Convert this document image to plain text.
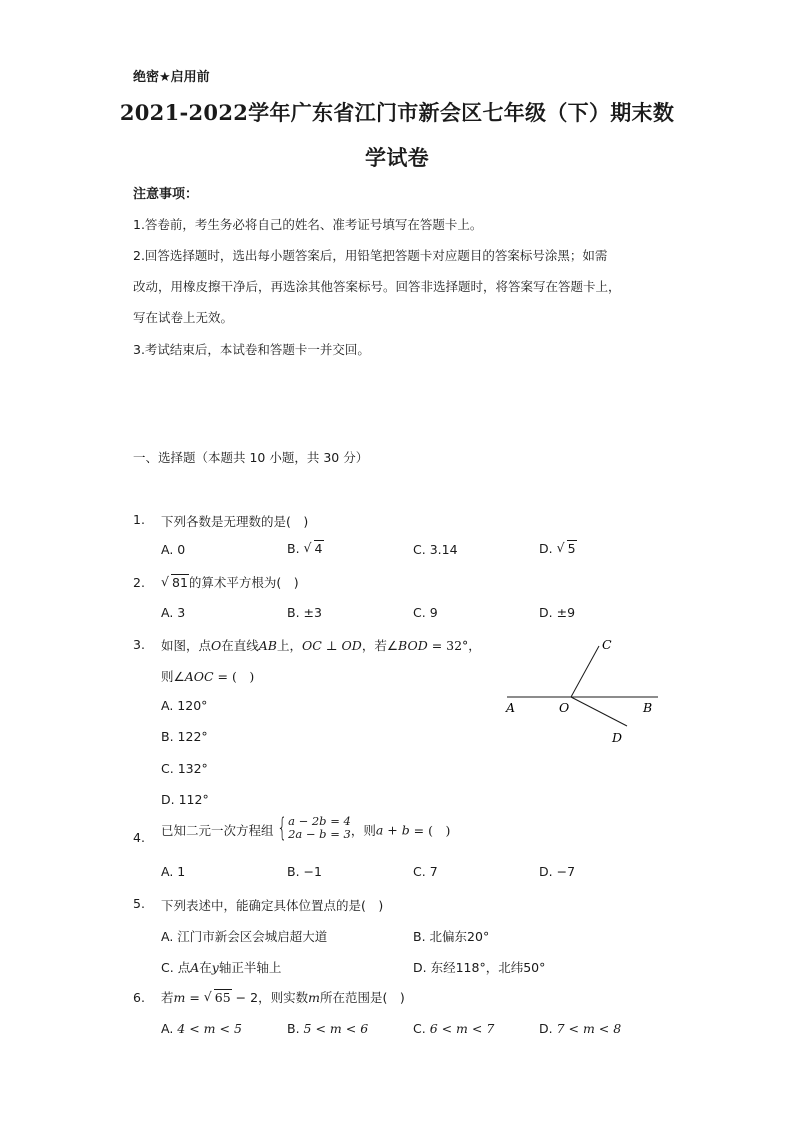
绝密★启用前
2021-2022学年广东省江门市新会区七年级（下）期末数
学试卷
注意事项：
1.答卷前，考生务必将自己的姓名、准考证号填写在答题卡上。
2.回答选择题时，选出每小题答案后，用铅笔把答题卡对应题目的答案标号涂黑；如需
改动，用橡皮擦干净后，再选涂其他答案标号。回答非选择题时，将答案写在答题卡上，
写在试卷上无效。
3.考试结束后，本试卷和答题卡一并交回。
一、选择题（本题共 10 小题，共 30 分）
1. 下列各数是无理数的是(　)
A. 0	B. √ 4	C. 3.14	D. √ 5
2.	√ 81的算术平方根为(　)
A. 3	B. ±3	C. 9	D. ±9
3. 如图，点O在直线AB上，OC ⊥ OD，若∠BOD = 32°，
则∠AOC = (　)
A. 120°
B. 122°
C. 132°
D. 112°
A	O	B
C
D
4. 已知二元一次方程组 { a − 2b = 4
2a − b = 3 ，则a + b = (　)
A. 1	B. −1	C. 7	D. −7
5. 下列表述中，能确定具体位置点的是(　)
A. 江门市新会区会城启超大道	B. 北偏东20°
C. 点A在y轴正半轴上	D. 东经118°，北纬50°
6. 若m = √ 65 − 2，则实数m所在范围是(　)
A. 4 < m < 5	B. 5 < m < 6	C. 6 < m < 7	D. 7 < m < 8
